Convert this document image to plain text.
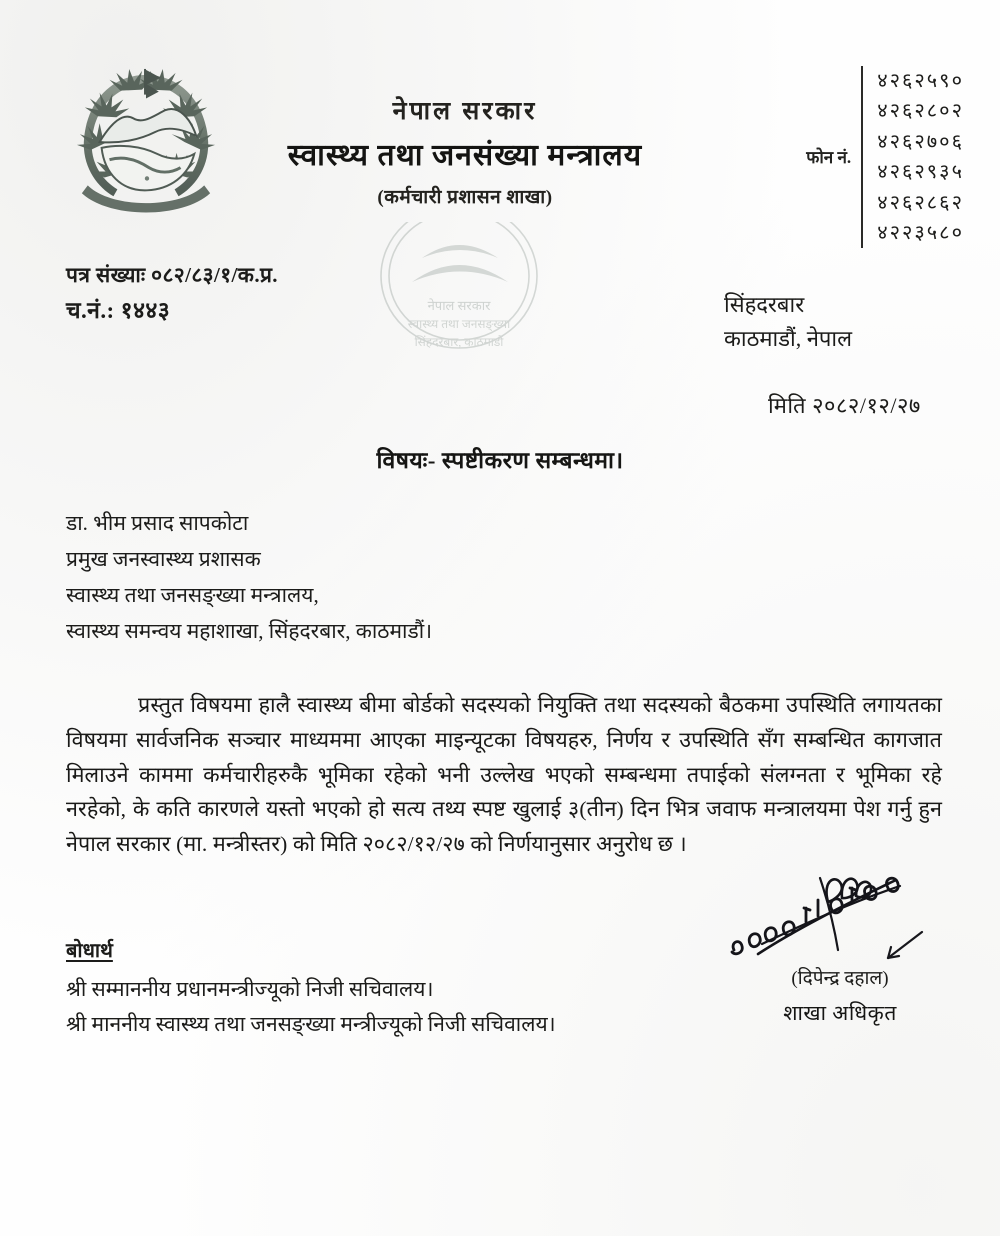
नेपाल सरकार
स्वास्थ्य तथा जनसंख्या मन्त्रालय
(कर्मचारी प्रशासन शाखा)
नेपाल सरकार
स्वास्थ्य तथा जनसङ्ख्या
सिंहदरबार, काठमाडौं
फोन नं.
४२६२५९०
४२६२८०२
४२६२७०६
४२६२९३५
४२६२८६२
४२२३५८०
पत्र संख्याः ०८२/८३/१/क.प्र.
च.नं.: १४४३	सिंहदरबार
काठमाडौं, नेपाल
मिति २०८२/१२/२७
विषयः- स्पष्टीकरण सम्बन्धमा।
डा. भीम प्रसाद सापकोटा
प्रमुख जनस्वास्थ्य प्रशासक
स्वास्थ्य तथा जनसङ्ख्या मन्त्रालय,
स्वास्थ्य समन्वय महाशाखा, सिंहदरबार, काठमाडौं।
प्रस्तुत विषयमा हालै स्वास्थ्य बीमा बोर्डको सदस्यको नियुक्ति तथा सदस्यको बैठकमा उपस्थिति लगायतका विषयमा सार्वजनिक सञ्चार माध्यममा आएका माइन्यूटका विषयहरु, निर्णय र उपस्थिति सँग सम्बन्धित कागजात मिलाउने काममा कर्मचारीहरुकै भूमिका रहेको भनी उल्लेख भएको सम्बन्धमा तपाईको संलग्नता र भूमिका रहे नरहेको, के कति कारणले यस्तो भएको हो सत्य तथ्य स्पष्ट खुलाई ३(तीन) दिन भित्र जवाफ मन्त्रालयमा पेश गर्नु हुन नेपाल सरकार (मा. मन्त्रीस्तर) को मिति २०८२/१२/२७ को निर्णयानुसार अनुरोध छ ।
बोधार्थ
श्री सम्माननीय प्रधानमन्त्रीज्यूको निजी सचिवालय।
श्री माननीय स्वास्थ्य तथा जनसङ्ख्या मन्त्रीज्यूको निजी सचिवालय।
(दिपेन्द्र दहाल)
शाखा अधिकृत
